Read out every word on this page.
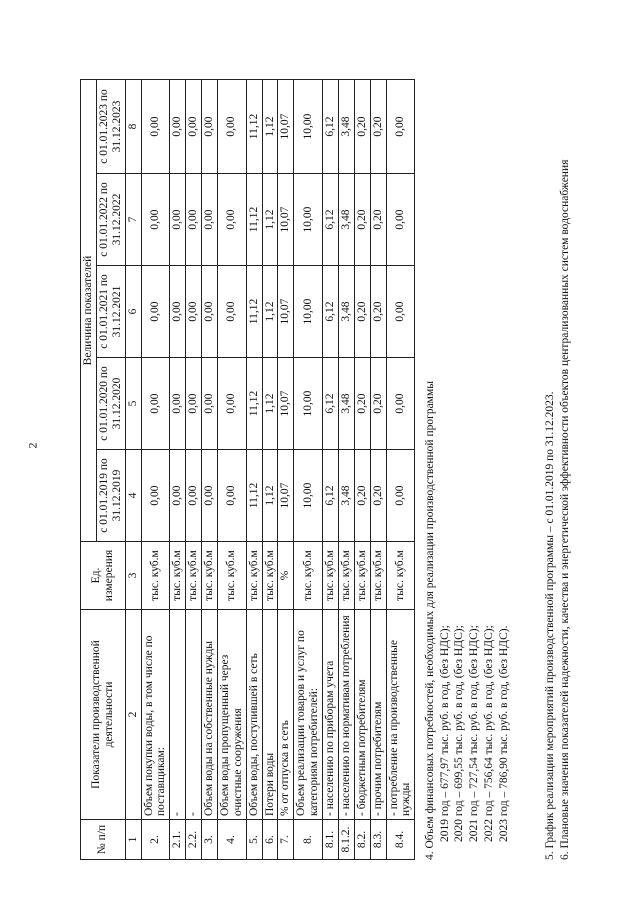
2
№ п/п	Показатели производственной деятельности	Ед. измерения	Величина показателей				
			с 01.01.2019 по 31.12.2019	с 01.01.2020 по 31.12.2020	с 01.01.2021 по 31.12.2021	с 01.01.2022 по 31.12.2022	с 01.01.2023 по 31.12.2023
1	2	3	4	5	6	7	8
2.	Объем покупки воды, в том числе по поставщикам:	тыс. куб.м	0,00	0,00	0,00	0,00	0,00
2.1.	-	тыс. куб.м	0,00	0,00	0,00	0,00	0,00
2.2.	-	тыс. куб.м	0,00	0,00	0,00	0,00	0,00
3.	Объем воды на собственные нужды	тыс. куб.м	0,00	0,00	0,00	0,00	0,00
4.	Объем воды пропущенный через очистные сооружения	тыс. куб.м	0,00	0,00	0,00	0,00	0,00
5.	Объем воды, поступившей в сеть	тыс. куб.м	11,12	11,12	11,12	11,12	11,12
6.	Потери воды	тыс. куб.м	1,12	1,12	1,12	1,12	1,12
7.	% от отпуска в сеть	%	10,07	10,07	10,07	10,07	10,07
8.	Объем реализации товаров и услуг по категориям потребителей:	тыс. куб.м	10,00	10,00	10,00	10,00	10,00
8.1.	- населению по приборам учета	тыс. куб.м	6,12	6,12	6,12	6,12	6,12
8.1.2.	- населению по нормативам потребления	тыс. куб.м	3,48	3,48	3,48	3,48	3,48
8.2.	- бюджетным потребителям	тыс. куб.м	0,20	0,20	0,20	0,20	0,20
8.3.	- прочим потребителям	тыс. куб.м	0,20	0,20	0,20	0,20	0,20
8.4.	- потребление на производственные нужды	тыс. куб.м	0,00	0,00	0,00	0,00	0,00

4. Объем финансовых потребностей, необходимых для реализации производственной программы 2019 год – 677,97 тыс. руб. в год, (без НДС); 2020 год – 699,55 тыс. руб. в год, (без НДС); 2021 год – 727,54 тыс. руб. в год, (без НДС); 2022 год – 756,64 тыс. руб. в год, (без НДС); 2023 год – 786,90 тыс. руб. в год, (без НДС).	5. График реализации мероприятий производственной программы – с 01.01.2019 по 31.12.2023. 6. Плановые значения показателей надежности, качества и энергетической эффективности объектов централизованных систем водоснабжения
